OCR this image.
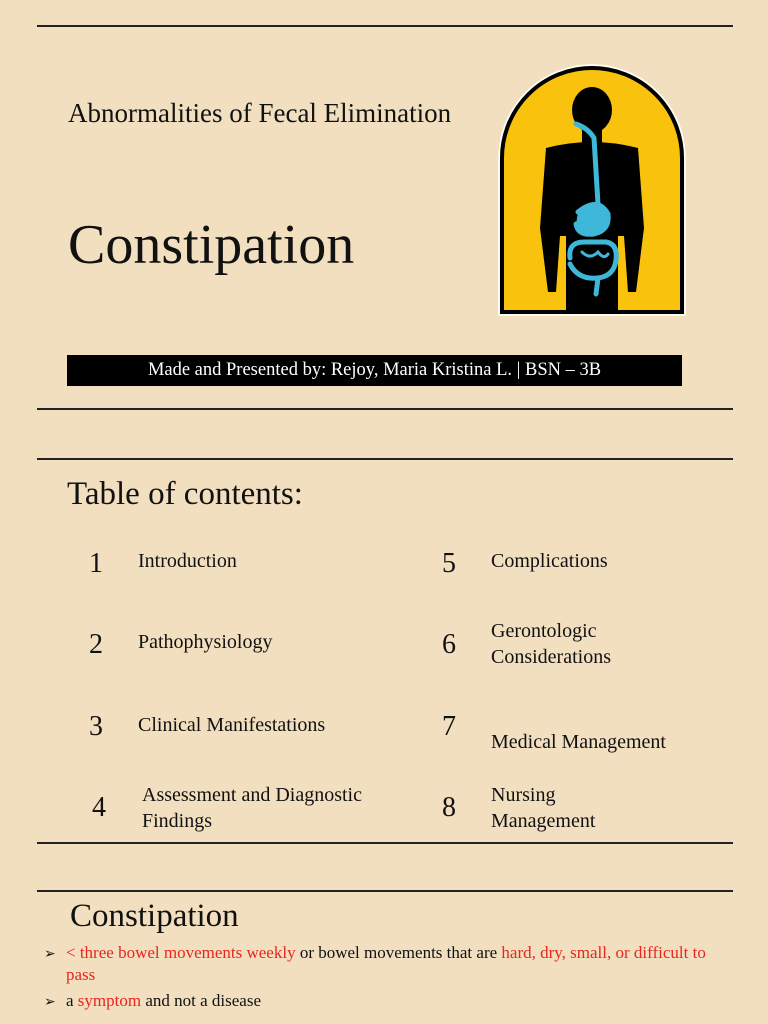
Abnormalities of Fecal Elimination
Constipation
Made and Presented by: Rejoy, Maria Kristina L. | BSN – 3B
Table of contents:
1 Introduction
2 Pathophysiology
3 Clinical Manifestations
4 Assessment and Diagnostic Findings
5 Complications
6 Gerontologic Considerations
7 Medical Management
8 Nursing Management
Constipation
➢ < three bowel movements weekly or bowel movements that are hard, dry, small, or difficult to pass
➢ a symptom and not a disease
